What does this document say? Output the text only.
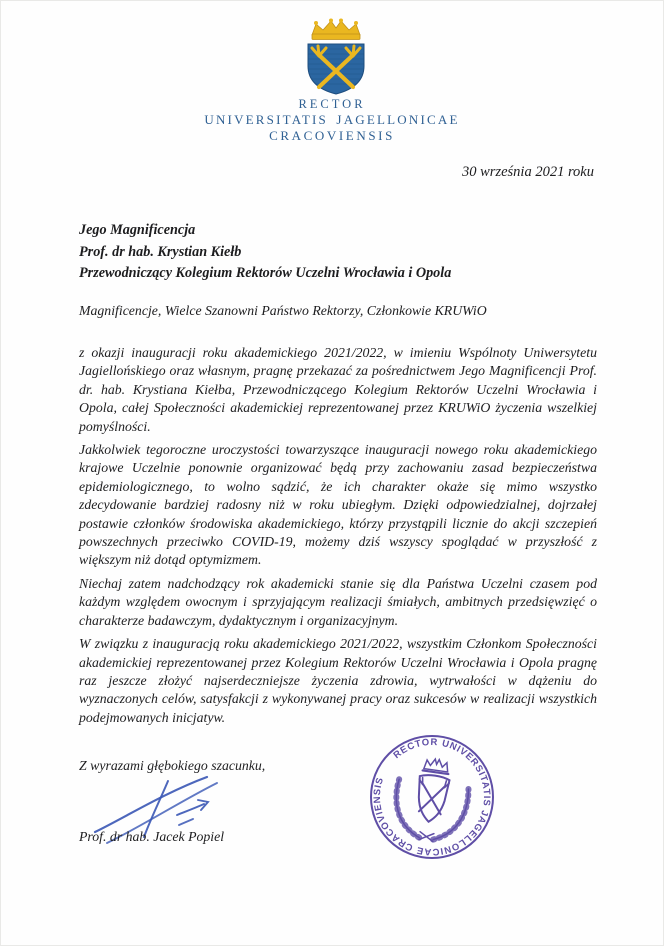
RECTOR
UNIVERSITATIS JAGELLONICAE
CRACOVIENSIS
30 września 2021 roku
Jego Magnificencja
Prof. dr hab. Krystian Kiełb
Przewodniczący Kolegium Rektorów Uczelni Wrocławia i Opola
Magnificencje, Wielce Szanowni Państwo Rektorzy, Członkowie KRUWiO

z okazji inauguracji roku akademickiego 2021/2022, w imieniu Wspólnoty Uniwersytetu Jagiellońskiego oraz własnym, pragnę przekazać za pośrednictwem Jego Magnificencji Prof. dr. hab. Krystiana Kiełba, Przewodniczącego Kolegium Rektorów Uczelni Wrocławia i Opola, całej Społeczności akademickiej reprezentowanej przez KRUWiO życzenia wszelkiej pomyślności.

Jakkolwiek tegoroczne uroczystości towarzyszące inauguracji nowego roku akademickiego krajowe Uczelnie ponownie organizować będą przy zachowaniu zasad bezpieczeństwa epidemiologicznego, to wolno sądzić, że ich charakter okaże się mimo wszystko zdecydowanie bardziej radosny niż w roku ubiegłym. Dzięki odpowiedzialnej, dojrzałej postawie członków środowiska akademickiego, którzy przystąpili licznie do akcji szczepień powszechnych przeciwko COVID-19, możemy dziś wszyscy spoglądać w przyszłość z większym niż dotąd optymizmem.

Niechaj zatem nadchodzący rok akademicki stanie się dla Państwa Uczelni czasem pod każdym względem owocnym i sprzyjającym realizacji śmiałych, ambitnych przedsięwzięć o charakterze badawczym, dydaktycznym i organizacyjnym.

W związku z inauguracją roku akademickiego 2021/2022, wszystkim Członkom Społeczności akademickiej reprezentowanej przez Kolegium Rektorów Uczelni Wrocławia i Opola pragnę raz jeszcze złożyć najserdeczniejsze życzenia zdrowia, wytrwałości w dążeniu do wyznaczonych celów, satysfakcji z wykonywanej pracy oraz sukcesów w realizacji wszystkich podejmowanych inicjatyw.

Z wyrazami głębokiego szacunku,
Prof. dr hab. Jacek Popiel
RECTOR UNIVERSITATIS JAGELLONICAE CRACOVIENSIS
